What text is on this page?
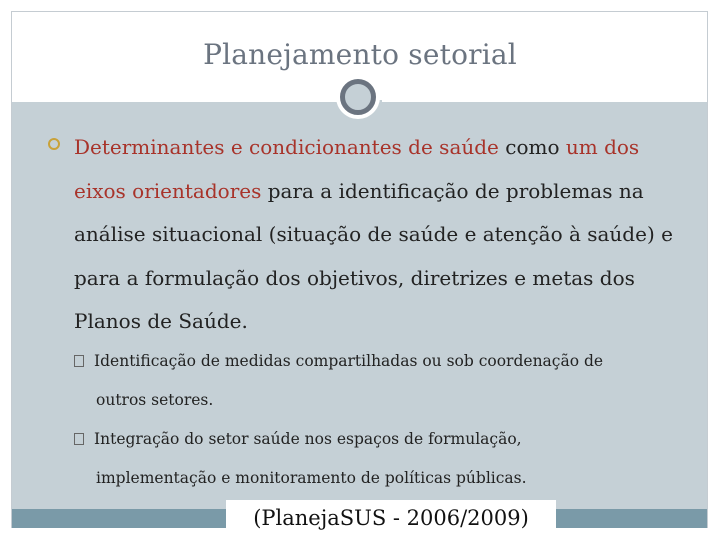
Planejamento setorial
Determinantes e condicionantes de saúde como um dos
eixos orientadores para a identificação de problemas na
análise situacional (situação de saúde e atenção à saúde) e
para a formulação dos objetivos, diretrizes e metas dos
Planos de Saúde.
Identificação de medidas compartilhadas ou sob coordenação de
outros setores.
Integração do setor saúde nos espaços de formulação,
implementação e monitoramento de políticas públicas.
(PlanejaSUS - 2006/2009)
